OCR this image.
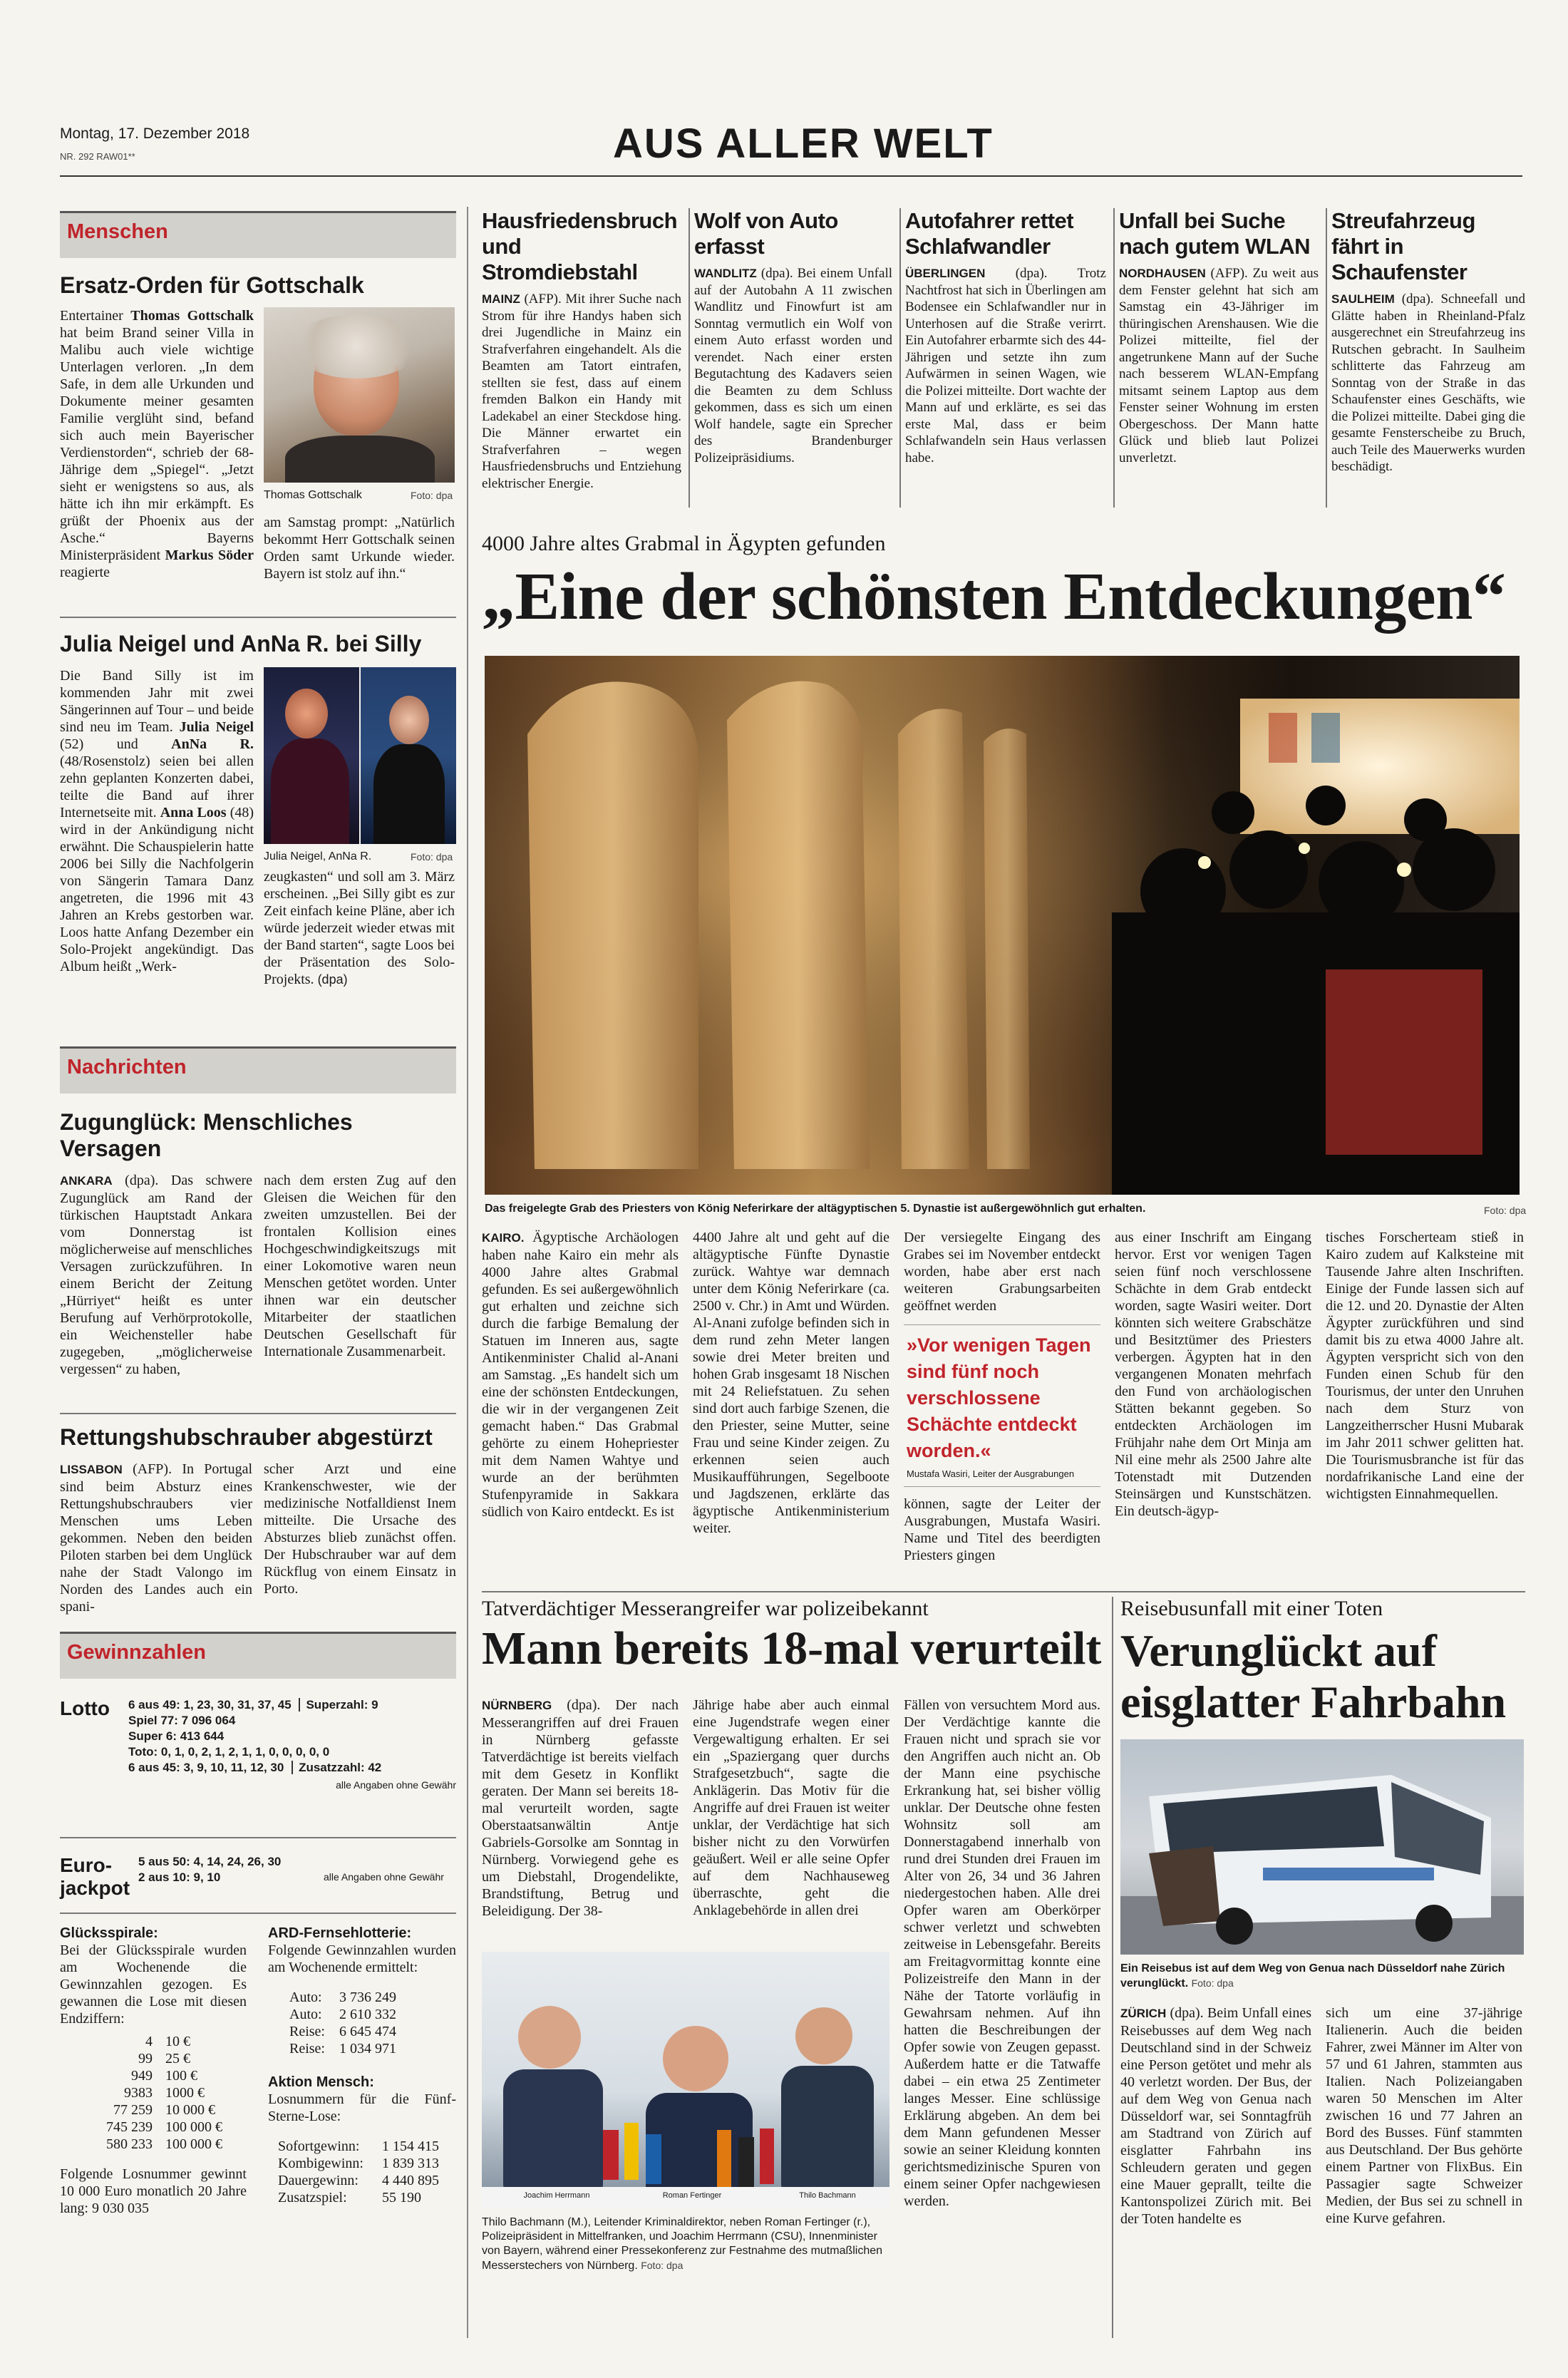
Montag, 17. Dezember 2018
NR. 292 RAW01**	AUS ALLER WELT
Menschen
Ersatz-Orden für Gottschalk
Entertainer Thomas Gottschalk hat beim Brand seiner Villa in Malibu auch viele wichtige Unterlagen verloren. „In dem Safe, in dem alle Urkunden und Dokumente meiner gesamten Familie verglüht sind, befand sich auch mein Bayerischer Verdienstorden“, schrieb der 68-Jährige dem „Spiegel“. „Jetzt sieht er wenigstens so aus, als hätte ich ihn mir erkämpft. Es grüßt der Phoenix aus der Asche.“ Bayerns Ministerpräsident Markus Söder reagierte
Thomas Gottschalk	Foto: dpa
am Samstag prompt: „Natürlich bekommt Herr Gottschalk seinen Orden samt Urkunde wieder. Bayern ist stolz auf ihn.“
Julia Neigel und AnNa R. bei Silly
Die Band Silly ist im kommenden Jahr mit zwei Sängerinnen auf Tour – und beide sind neu im Team. Julia Neigel (52) und AnNa R. (48/Rosenstolz) seien bei allen zehn geplanten Konzerten dabei, teilte die Band auf ihrer Internetseite mit. Anna Loos (48) wird in der Ankündigung nicht erwähnt. Die Schauspielerin hatte 2006 bei Silly die Nachfolgerin von Sängerin Tamara Danz angetreten, die 1996 mit 43 Jahren an Krebs gestorben war. Loos hatte Anfang Dezember ein Solo-Projekt angekündigt. Das Album heißt „Werk-
Julia Neigel, AnNa R.	Foto: dpa
zeugkasten“ und soll am 3. März erscheinen. „Bei Silly gibt es zur Zeit einfach keine Pläne, aber ich würde jederzeit wieder etwas mit der Band starten“, sagte Loos bei der Präsentation des Solo-Projekts. (dpa)
Nachrichten
Zugunglück: Menschliches Versagen
ANKARA (dpa). Das schwere Zugunglück am Rand der türkischen Hauptstadt Ankara vom Donnerstag ist möglicherweise auf menschliches Versagen zurückzuführen. In einem Bericht der Zeitung „Hürriyet“ heißt es unter Berufung auf Verhörprotokolle, ein Weichensteller habe zugegeben, „möglicherweise vergessen“ zu haben,
nach dem ersten Zug auf den Gleisen die Weichen für den zweiten umzustellen. Bei der frontalen Kollision eines Hochgeschwindigkeitszugs mit einer Lokomotive waren neun Menschen getötet worden. Unter ihnen war ein deutscher Mitarbeiter der staatlichen Deutschen Gesellschaft für Internationale Zusammenarbeit.
Rettungshubschrauber abgestürzt
LISSABON (AFP). In Portugal sind beim Absturz eines Rettungshubschraubers vier Menschen ums Leben gekommen. Neben den beiden Piloten starben bei dem Unglück nahe der Stadt Valongo im Norden des Landes auch ein spani-
scher Arzt und eine Krankenschwester, wie der medizinische Notfalldienst Inem mitteilte. Die Ursache des Absturzes blieb zunächst offen. Der Hubschrauber war auf dem Rückflug von einem Einsatz in Porto.
Gewinnzahlen
Lotto 6 aus 49: 1, 23, 30, 31, 37, 45 Superzahl: 9
Spiel 77: 7 096 064
Super 6: 413 644
Toto: 0, 1, 0, 2, 1, 2, 1, 1, 0, 0, 0, 0, 0
6 aus 45: 3, 9, 10, 11, 12, 30 Zusatzzahl: 42
alle Angaben ohne Gewähr
Euro-
jackpot
5 aus 50: 4, 14, 24, 26, 30
2 aus 10: 9, 10	alle Angaben ohne Gewähr
Glücksspirale:
Bei der Glücksspirale wurden am Wochenende die Gewinnzahlen gezogen. Es gewannen die Lose mit diesen Endziffern:
4	10 €
99	25 €
949	100 €
9383	1000 €
77 259	10 000 €
745 239	100 000 €
580 233	100 000 €
Folgende Losnummer gewinnt 10 000 Euro monatlich 20 Jahre lang: 9 030 035
ARD-Fernsehlotterie:
Folgende Gewinnzahlen wurden am Wochenende ermittelt:
Auto:	3 736 249
Auto:	2 610 332
Reise:	6 645 474
Reise:	1 034 971
Aktion Mensch:
Losnummern für die Fünf-Sterne-Lose:
Sofortgewinn:	1 154 415
Kombigewinn:	1 839 313
Dauergewinn:	4 440 895
Zusatzspiel:	55 190
Hausfriedensbruch und Stromdiebstahl
MAINZ (AFP). Mit ihrer Suche nach Strom für ihre Handys haben sich drei Jugendliche in Mainz ein Strafverfahren eingehandelt. Als die Beamten am Tatort eintrafen, stellten sie fest, dass auf einem fremden Balkon ein Handy mit Ladekabel an einer Steckdose hing. Die Männer erwartet ein Strafverfahren – wegen Hausfriedensbruchs und Entziehung elektrischer Energie.
Wolf von Auto erfasst
WANDLITZ (dpa). Bei einem Unfall auf der Autobahn A 11 zwischen Wandlitz und Finowfurt ist am Sonntag vermutlich ein Wolf von einem Auto erfasst worden und verendet. Nach einer ersten Begutachtung des Kadavers seien die Beamten zu dem Schluss gekommen, dass es sich um einen Wolf handele, sagte ein Sprecher des Brandenburger Polizeipräsidiums.
Autofahrer rettet Schlafwandler
ÜBERLINGEN (dpa). Trotz Nachtfrost hat sich in Überlingen am Bodensee ein Schlafwandler nur in Unterhosen auf die Straße verirrt. Ein Autofahrer erbarmte sich des 44-Jährigen und setzte ihn zum Aufwärmen in seinen Wagen, wie die Polizei mitteilte. Dort wachte der Mann auf und erklärte, es sei das erste Mal, dass er beim Schlafwandeln sein Haus verlassen habe.
Unfall bei Suche nach gutem WLAN
NORDHAUSEN (AFP). Zu weit aus dem Fenster gelehnt hat sich am Samstag ein 43-Jähriger im thüringischen Arenshausen. Wie die Polizei mitteilte, fiel der angetrunkene Mann auf der Suche nach besserem WLAN-Empfang mitsamt seinem Laptop aus dem Fenster seiner Wohnung im ersten Obergeschoss. Der Mann hatte Glück und blieb laut Polizei unverletzt.
Streufahrzeug fährt in Schaufenster
SAULHEIM (dpa). Schneefall und Glätte haben in Rheinland-Pfalz ausgerechnet ein Streufahrzeug ins Rutschen gebracht. In Saulheim schlitterte das Fahrzeug am Sonntag von der Straße in das Schaufenster eines Geschäfts, wie die Polizei mitteilte. Dabei ging die gesamte Fensterscheibe zu Bruch, auch Teile des Mauerwerks wurden beschädigt.
4000 Jahre altes Grabmal in Ägypten gefunden
„Eine der schönsten Entdeckungen“
Das freigelegte Grab des Priesters von König Neferirkare der altägyptischen 5. Dynastie ist außergewöhnlich gut erhalten.	Foto: dpa
KAIRO. Ägyptische Archäologen haben nahe Kairo ein mehr als 4000 Jahre altes Grabmal gefunden. Es sei außergewöhnlich gut erhalten und zeichne sich durch die farbige Bemalung der Statuen im Inneren aus, sagte Antikenminister Chalid al-Anani am Samstag. „Es handelt sich um eine der schönsten Entdeckungen, die wir in der vergangenen Zeit gemacht haben.“ Das Grabmal gehörte zu einem Hohepriester mit dem Namen Wahtye und wurde an der berühmten Stufenpyramide in Sakkara südlich von Kairo entdeckt. Es ist
4400 Jahre alt und geht auf die altägyptische Fünfte Dynastie zurück. Wahtye war demnach unter dem König Neferirkare (ca. 2500 v. Chr.) in Amt und Würden. Al-Anani zufolge befinden sich in dem rund zehn Meter langen sowie drei Meter breiten und hohen Grab insgesamt 18 Nischen mit 24 Reliefstatuen. Zu sehen sind dort auch farbige Szenen, die den Priester, seine Mutter, seine Frau und seine Kinder zeigen. Zu erkennen seien auch Musikaufführungen, Segelboote und Jagdszenen, erklärte das ägyptische Antikenministerium weiter.
Der versiegelte Eingang des Grabes sei im November entdeckt worden, habe aber erst nach weiteren Grabungsarbeiten geöffnet werden
»Vor wenigen Tagen sind fünf noch verschlossene Schächte entdeckt worden.«
Mustafa Wasiri, Leiter der Ausgrabungen
können, sagte der Leiter der Ausgrabungen, Mustafa Wasiri. Name und Titel des beerdigten Priesters gingen
aus einer Inschrift am Eingang hervor. Erst vor wenigen Tagen seien fünf noch verschlossene Schächte in dem Grab entdeckt worden, sagte Wasiri weiter. Dort könnten sich weitere Grabschätze und Besitztümer des Priesters verbergen. Ägypten hat in den vergangenen Monaten mehrfach den Fund von archäologischen Stätten bekannt gegeben. So entdeckten Archäologen im Frühjahr nahe dem Ort Minja am Nil eine mehr als 2500 Jahre alte Totenstadt mit Dutzenden Steinsärgen und Kunstschätzen. Ein deutsch-ägyp-
tisches Forscherteam stieß in Kairo zudem auf Kalksteine mit Tausende Jahre alten Inschriften. Einige der Funde lassen sich auf die 12. und 20. Dynastie der Alten Ägypter zurückführen und sind damit bis zu etwa 4000 Jahre alt. Ägypten verspricht sich von den Funden einen Schub für den Tourismus, der unter den Unruhen nach dem Sturz von Langzeitherrscher Husni Mubarak im Jahr 2011 schwer gelitten hat. Die Tourismusbranche ist für das nordafrikanische Land eine der wichtigsten Einnahmequellen.
Tatverdächtiger Messerangreifer war polizeibekannt
Mann bereits 18-mal verurteilt
NÜRNBERG (dpa). Der nach Messerangriffen auf drei Frauen in Nürnberg gefasste Tatverdächtige ist bereits vielfach mit dem Gesetz in Konflikt geraten. Der Mann sei bereits 18-mal verurteilt worden, sagte Oberstaatsanwältin Antje Gabriels-Gorsolke am Sonntag in Nürnberg. Vorwiegend gehe es um Diebstahl, Drogendelikte, Brandstiftung, Betrug und Beleidigung. Der 38-
Jährige habe aber auch einmal eine Jugendstrafe wegen einer Vergewaltigung erhalten. Er sei ein „Spaziergang quer durchs Strafgesetzbuch“, sagte die Anklägerin. Das Motiv für die Angriffe auf drei Frauen ist weiter unklar, der Verdächtige hat sich bisher nicht zu den Vorwürfen geäußert. Weil er alle seine Opfer auf dem Nachhauseweg überraschte, geht die Anklagebehörde in allen drei
Fällen von versuchtem Mord aus. Der Verdächtige kannte die Frauen nicht und sprach sie vor den Angriffen auch nicht an. Ob der Mann eine psychische Erkrankung hat, sei bisher völlig unklar. Der Deutsche ohne festen Wohnsitz soll am Donnerstagabend innerhalb von rund drei Stunden drei Frauen im Alter von 26, 34 und 36 Jahren niedergestochen haben. Alle drei Opfer waren am Oberkörper schwer verletzt und schwebten zeitweise in Lebensgefahr. Bereits am Freitagvormittag konnte eine Polizeistreife den Mann in der Nähe der Tatorte vorläufig in Gewahrsam nehmen. Auf ihn hatten die Beschreibungen der Opfer sowie von Zeugen gepasst. Außerdem hatte er die Tatwaffe dabei – ein etwa 25 Zentimeter langes Messer. Eine schlüssige Erklärung abgeben. An dem bei dem Mann gefundenen Messer sowie an seiner Kleidung konnten gerichtsmedizinische Spuren von einem seiner Opfer nachgewiesen werden.
Joachim Herrmann	Roman Fertinger	Thilo Bachmann
Thilo Bachmann (M.), Leitender Kriminaldirektor, neben Roman Fertinger (r.), Polizeipräsident in Mittelfranken, und Joachim Herrmann (CSU), Innenminister von Bayern, während einer Pressekonferenz zur Festnahme des mutmaßlichen Messerstechers von Nürnberg. Foto: dpa
Reisebusunfall mit einer Toten
Verunglückt auf eisglatter Fahrbahn
Ein Reisebus ist auf dem Weg von Genua nach Düsseldorf nahe Zürich verunglückt. Foto: dpa
ZÜRICH (dpa). Beim Unfall eines Reisebusses auf dem Weg nach Deutschland sind in der Schweiz eine Person getötet und mehr als 40 verletzt worden. Der Bus, der auf dem Weg von Genua nach Düsseldorf war, sei Sonntagfrüh am Stadtrand von Zürich auf eisglatter Fahrbahn ins Schleudern geraten und gegen eine Mauer geprallt, teilte die Kantonspolizei Zürich mit. Bei der Toten handelte es
sich um eine 37-jährige Italienerin. Auch die beiden Fahrer, zwei Männer im Alter von 57 und 61 Jahren, stammten aus Italien. Nach Polizeiangaben waren 50 Menschen im Alter zwischen 16 und 77 Jahren an Bord des Busses. Fünf stammten aus Deutschland. Der Bus gehörte einem Partner von FlixBus. Ein Passagier sagte Schweizer Medien, der Bus sei zu schnell in eine Kurve gefahren.
